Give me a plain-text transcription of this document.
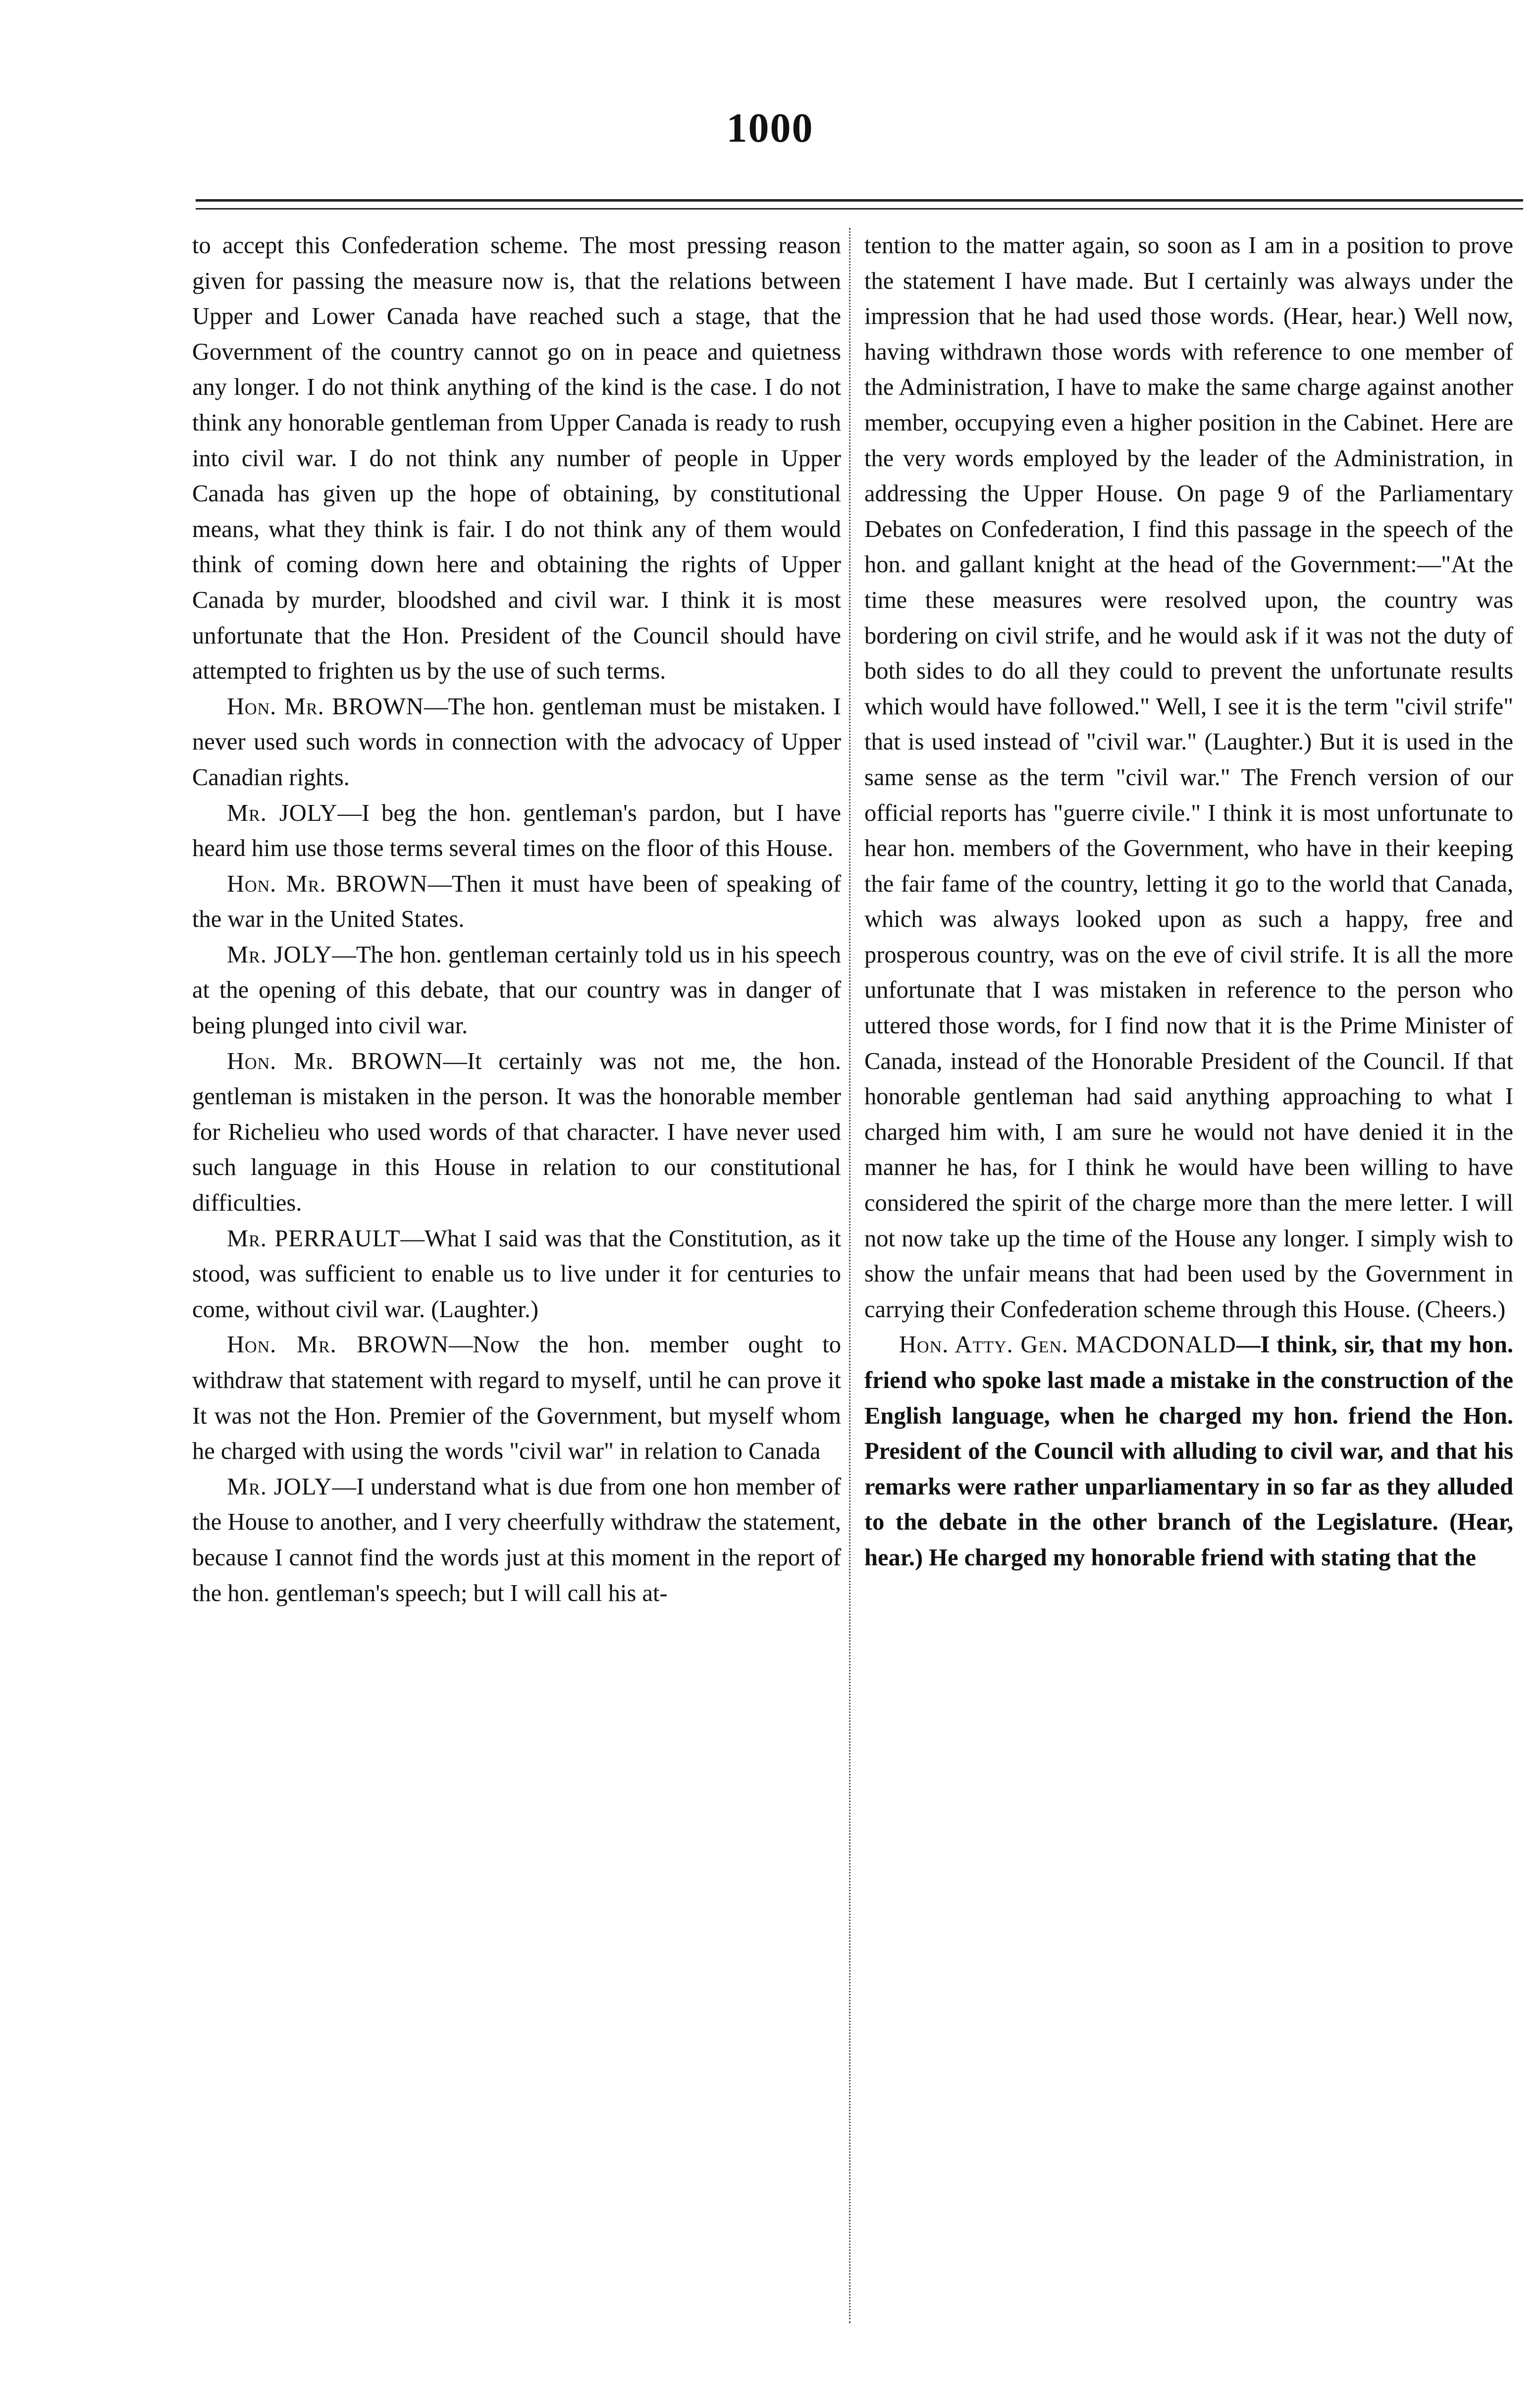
1000

to accept this Confederation scheme. The most pressing reason given for passing the measure now is, that the relations between Upper and Lower Canada have reached such a stage, that the Government of the country cannot go on in peace and quietness any longer. I do not think anything of the kind is the case. I do not think any honorable gentleman from Upper Canada is ready to rush into civil war. I do not think any number of people in Upper Canada has given up the hope of obtaining, by constitutional means, what they think is fair. I do not think any of them would think of coming down here and obtaining the rights of Upper Canada by murder, bloodshed and civil war. I think it is most unfortunate that the Hon. President of the Council should have attempted to frighten us by the use of such terms.

Hon. Mr. BROWN—The hon. gentleman must be mistaken. I never used such words in connection with the advocacy of Upper Canadian rights.

Mr. JOLY—I beg the hon. gentleman's pardon, but I have heard him use those terms several times on the floor of this House.

Hon. Mr. BROWN—Then it must have been of speaking of the war in the United States.

Mr. JOLY—The hon. gentleman certainly told us in his speech at the opening of this debate, that our country was in danger of being plunged into civil war.

Hon. Mr. BROWN—It certainly was not me, the hon. gentleman is mistaken in the person. It was the honorable member for Richelieu who used words of that character. I have never used such language in this House in relation to our constitutional difficulties.

Mr. PERRAULT—What I said was that the Constitution, as it stood, was sufficient to enable us to live under it for centuries to come, without civil war. (Laughter.)

Hon. Mr. BROWN—Now the hon. member ought to withdraw that statement with regard to myself, until he can prove it It was not the Hon. Premier of the Government, but myself whom he charged with using the words "civil war" in relation to Canada

Mr. JOLY—I understand what is due from one hon member of the House to another, and I very cheerfully withdraw the statement, because I cannot find the words just at this moment in the report of the hon. gentleman's speech; but I will call his at-

tention to the matter again, so soon as I am in a position to prove the statement I have made. But I certainly was always under the impression that he had used those words. (Hear, hear.) Well now, having withdrawn those words with reference to one member of the Administration, I have to make the same charge against another member, occupying even a higher position in the Cabinet. Here are the very words employed by the leader of the Administration, in addressing the Upper House. On page 9 of the Parliamentary Debates on Confederation, I find this passage in the speech of the hon. and gallant knight at the head of the Government:—"At the time these measures were resolved upon, the country was bordering on civil strife, and he would ask if it was not the duty of both sides to do all they could to prevent the unfortunate results which would have followed." Well, I see it is the term "civil strife" that is used instead of "civil war." (Laughter.) But it is used in the same sense as the term "civil war." The French version of our official reports has "guerre civile." I think it is most unfortunate to hear hon. members of the Government, who have in their keeping the fair fame of the country, letting it go to the world that Canada, which was always looked upon as such a happy, free and prosperous country, was on the eve of civil strife. It is all the more unfortunate that I was mistaken in reference to the person who uttered those words, for I find now that it is the Prime Minister of Canada, instead of the Honorable President of the Council. If that honorable gentleman had said anything approaching to what I charged him with, I am sure he would not have denied it in the manner he has, for I think he would have been willing to have considered the spirit of the charge more than the mere letter. I will not now take up the time of the House any longer. I simply wish to show the unfair means that had been used by the Government in carrying their Confederation scheme through this House. (Cheers.)

Hon. Atty. Gen. MACDONALD—I think, sir, that my hon. friend who spoke last made a mistake in the construction of the English language, when he charged my hon. friend the Hon. President of the Council with alluding to civil war, and that his remarks were rather unparliamentary in so far as they alluded to the debate in the other branch of the Legislature. (Hear, hear.) He charged my honorable friend with stating that the
